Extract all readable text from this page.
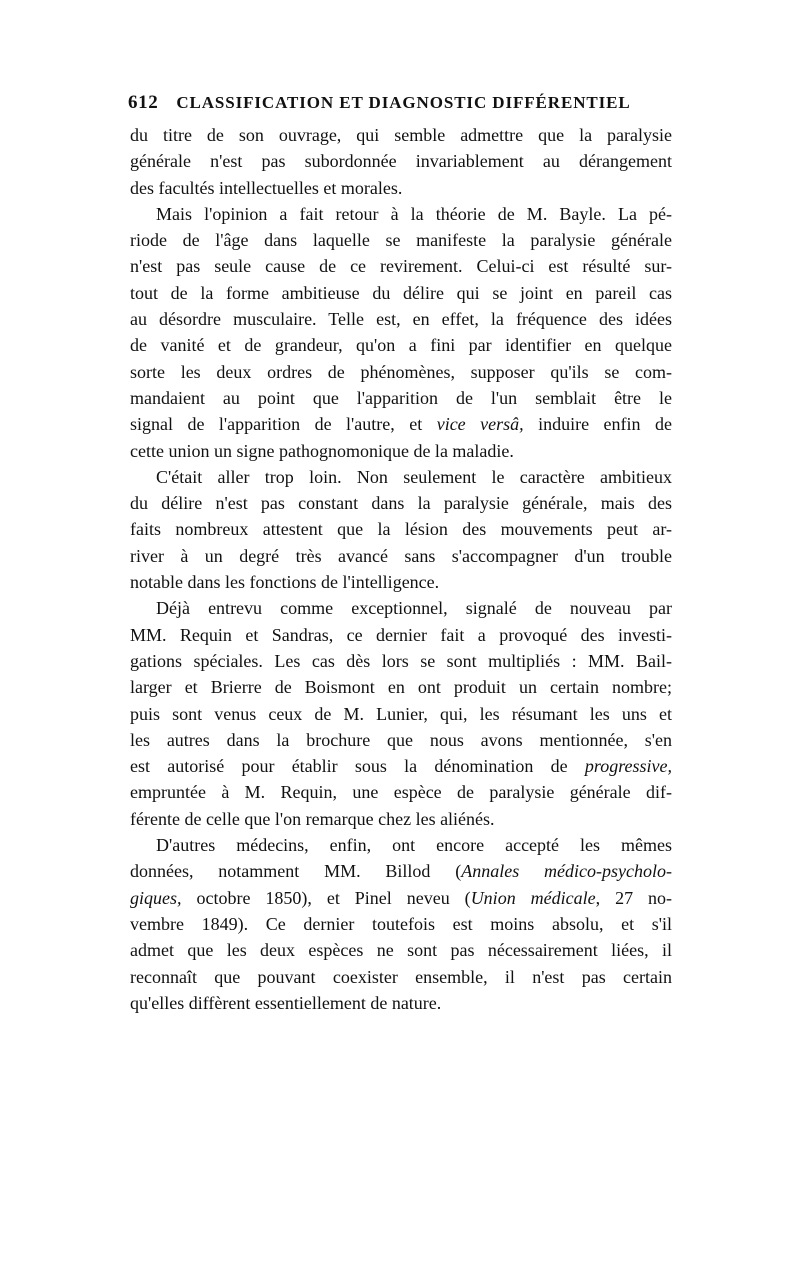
612 CLASSIFICATION ET DIAGNOSTIC DIFFÉRENTIEL
du titre de son ouvrage, qui semble admettre que la paralysie
générale n'est pas subordonnée invariablement au dérangement
des facultés intellectuelles et morales.
Mais l'opinion a fait retour à la théorie de M. Bayle. La pé-
riode de l'âge dans laquelle se manifeste la paralysie générale
n'est pas seule cause de ce revirement. Celui-ci est résulté sur-
tout de la forme ambitieuse du délire qui se joint en pareil cas
au désordre musculaire. Telle est, en effet, la fréquence des idées
de vanité et de grandeur, qu'on a fini par identifier en quelque
sorte les deux ordres de phénomènes, supposer qu'ils se com-
mandaient au point que l'apparition de l'un semblait être le
signal de l'apparition de l'autre, et vice versâ, induire enfin de
cette union un signe pathognomonique de la maladie.
C'était aller trop loin. Non seulement le caractère ambitieux
du délire n'est pas constant dans la paralysie générale, mais des
faits nombreux attestent que la lésion des mouvements peut ar-
river à un degré très avancé sans s'accompagner d'un trouble
notable dans les fonctions de l'intelligence.
Déjà entrevu comme exceptionnel, signalé de nouveau par
MM. Requin et Sandras, ce dernier fait a provoqué des investi-
gations spéciales. Les cas dès lors se sont multipliés : MM. Bail-
larger et Brierre de Boismont en ont produit un certain nombre;
puis sont venus ceux de M. Lunier, qui, les résumant les uns et
les autres dans la brochure que nous avons mentionnée, s'en
est autorisé pour établir sous la dénomination de progressive,
empruntée à M. Requin, une espèce de paralysie générale dif-
férente de celle que l'on remarque chez les aliénés.
D'autres médecins, enfin, ont encore accepté les mêmes
données, notamment MM. Billod (Annales médico-psycholo-
giques, octobre 1850), et Pinel neveu (Union médicale, 27 no-
vembre 1849). Ce dernier toutefois est moins absolu, et s'il
admet que les deux espèces ne sont pas nécessairement liées, il
reconnaît que pouvant coexister ensemble, il n'est pas certain
qu'elles diffèrent essentiellement de nature.
